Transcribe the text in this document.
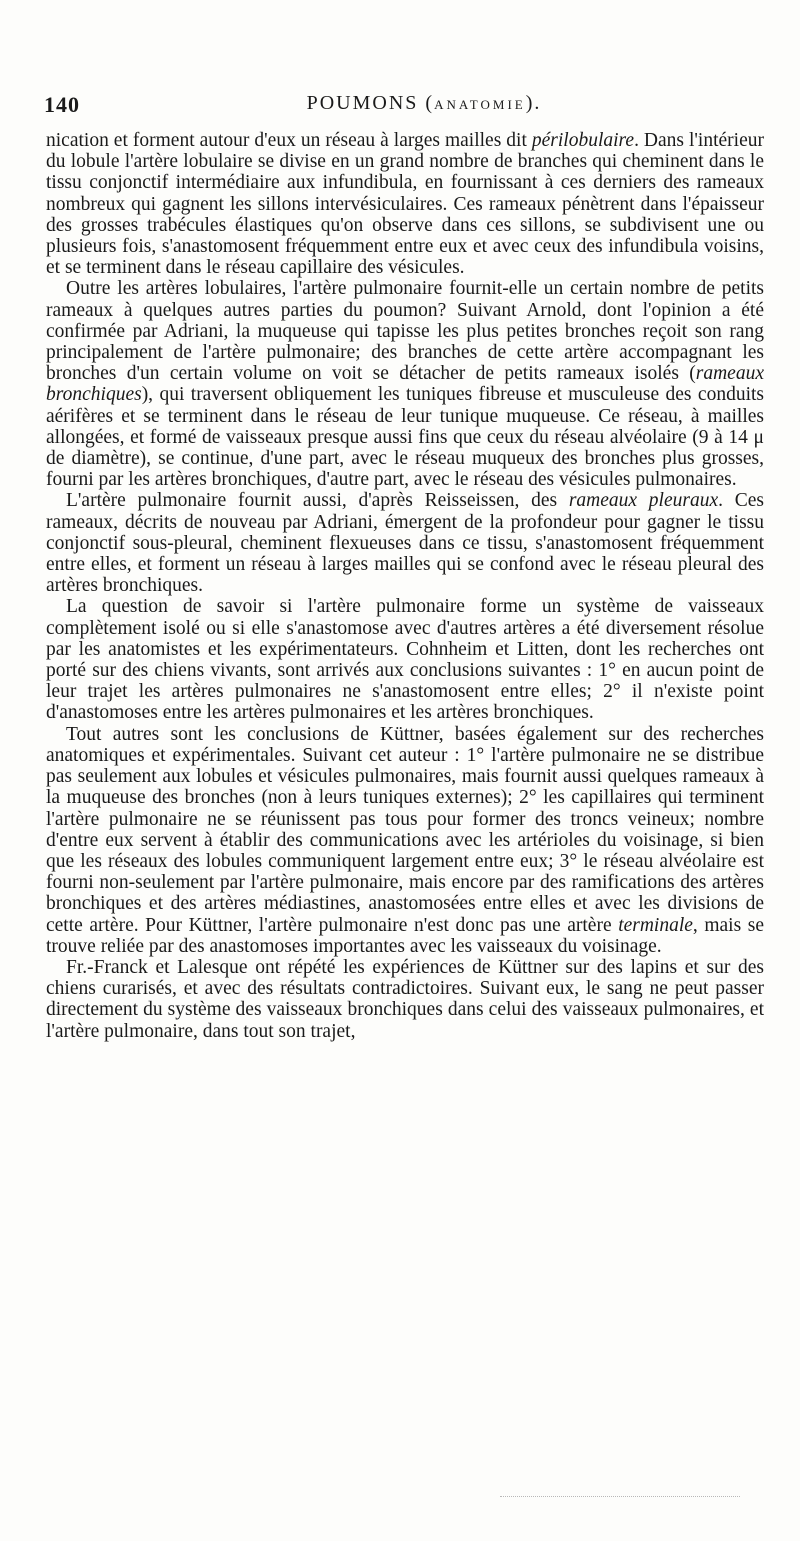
140	POUMONS (ANATOMIE).

nication et forment autour d'eux un réseau à larges mailles dit périlobulaire. Dans l'intérieur du lobule l'artère lobulaire se divise en un grand nombre de branches qui cheminent dans le tissu conjonctif intermédiaire aux infundibula, en fournissant à ces derniers des rameaux nombreux qui gagnent les sillons intervésiculaires. Ces rameaux pénètrent dans l'épaisseur des grosses trabécules élastiques qu'on observe dans ces sillons, se subdivisent une ou plusieurs fois, s'anastomosent fréquemment entre eux et avec ceux des infundibula voisins, et se terminent dans le réseau capillaire des vésicules.

Outre les artères lobulaires, l'artère pulmonaire fournit-elle un certain nombre de petits rameaux à quelques autres parties du poumon? Suivant Arnold, dont l'opinion a été confirmée par Adriani, la muqueuse qui tapisse les plus petites bronches reçoit son rang principalement de l'artère pulmonaire; des branches de cette artère accompagnant les bronches d'un certain volume on voit se détacher de petits rameaux isolés (rameaux bronchiques), qui traversent obliquement les tuniques fibreuse et musculeuse des conduits aérifères et se terminent dans le réseau de leur tunique muqueuse. Ce réseau, à mailles allongées, et formé de vaisseaux presque aussi fins que ceux du réseau alvéolaire (9 à 14 μ de diamètre), se continue, d'une part, avec le réseau muqueux des bronches plus grosses, fourni par les artères bronchiques, d'autre part, avec le réseau des vésicules pulmonaires.

L'artère pulmonaire fournit aussi, d'après Reisseissen, des rameaux pleuraux. Ces rameaux, décrits de nouveau par Adriani, émergent de la profondeur pour gagner le tissu conjonctif sous-pleural, cheminent flexueuses dans ce tissu, s'anastomosent fréquemment entre elles, et forment un réseau à larges mailles qui se confond avec le réseau pleural des artères bronchiques.

La question de savoir si l'artère pulmonaire forme un système de vaisseaux complètement isolé ou si elle s'anastomose avec d'autres artères a été diversement résolue par les anatomistes et les expérimentateurs. Cohnheim et Litten, dont les recherches ont porté sur des chiens vivants, sont arrivés aux conclusions suivantes : 1° en aucun point de leur trajet les artères pulmonaires ne s'anastomosent entre elles; 2° il n'existe point d'anastomoses entre les artères pulmonaires et les artères bronchiques.

Tout autres sont les conclusions de Küttner, basées également sur des recherches anatomiques et expérimentales. Suivant cet auteur : 1° l'artère pulmonaire ne se distribue pas seulement aux lobules et vésicules pulmonaires, mais fournit aussi quelques rameaux à la muqueuse des bronches (non à leurs tuniques externes); 2° les capillaires qui terminent l'artère pulmonaire ne se réunissent pas tous pour former des troncs veineux; nombre d'entre eux servent à établir des communications avec les artérioles du voisinage, si bien que les réseaux des lobules communiquent largement entre eux; 3° le réseau alvéolaire est fourni non-seulement par l'artère pulmonaire, mais encore par des ramifications des artères bronchiques et des artères médiastines, anastomosées entre elles et avec les divisions de cette artère. Pour Küttner, l'artère pulmonaire n'est donc pas une artère terminale, mais se trouve reliée par des anastomoses importantes avec les vaisseaux du voisinage.

Fr.-Franck et Lalesque ont répété les expériences de Küttner sur des lapins et sur des chiens curarisés, et avec des résultats contradictoires. Suivant eux, le sang ne peut passer directement du système des vaisseaux bronchiques dans celui des vaisseaux pulmonaires, et l'artère pulmonaire, dans tout son trajet,
